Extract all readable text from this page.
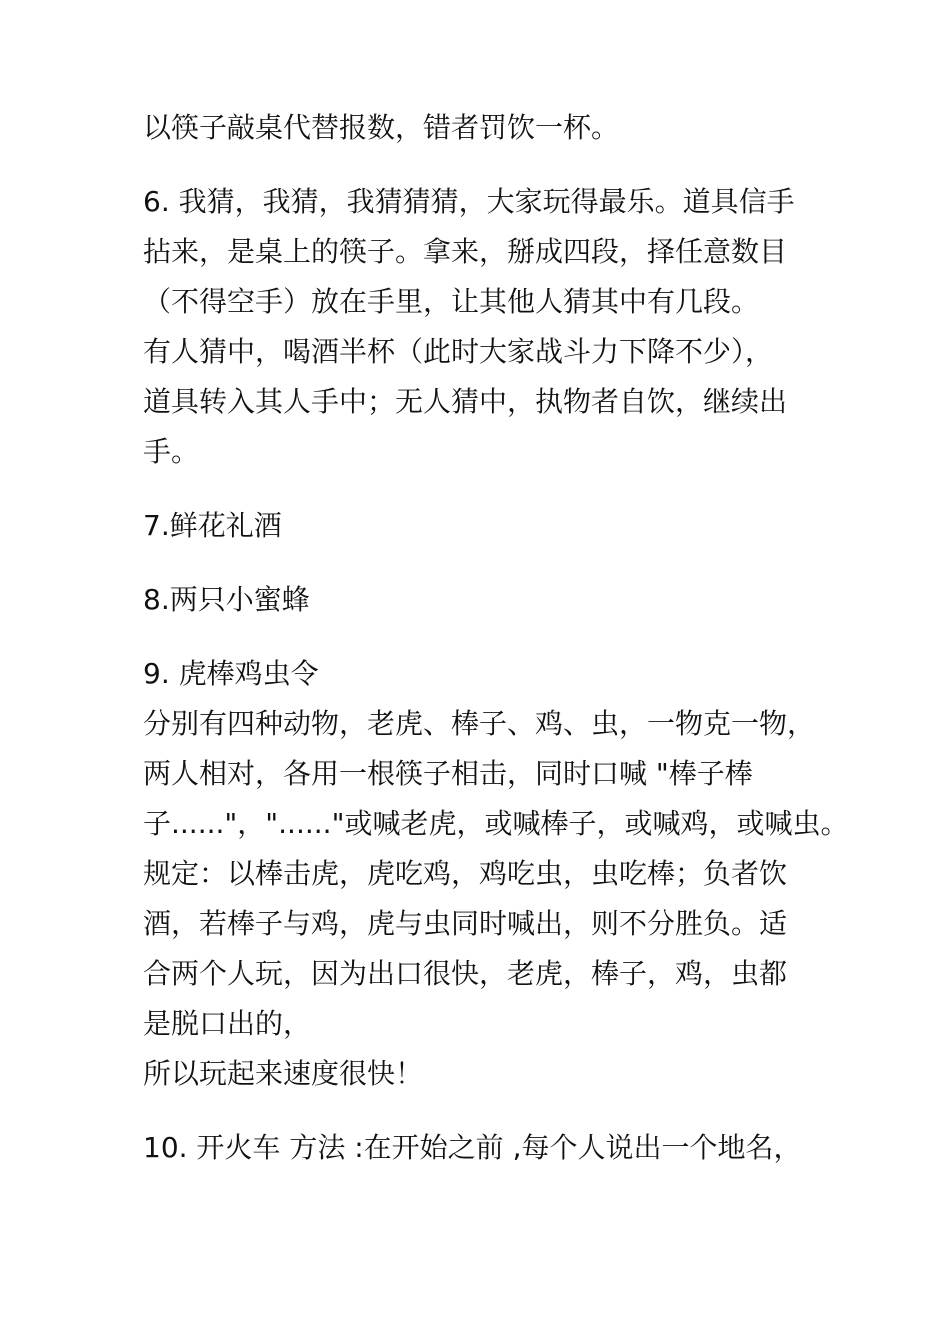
以筷子敲桌代替报数，错者罚饮一杯。

6. 我猜，我猜，我猜猜猜，大家玩得最乐。道具信手
拈来，是桌上的筷子。拿来，掰成四段，择任意数目
（不得空手）放在手里，让其他人猜其中有几段。
有人猜中，喝酒半杯（此时大家战斗力下降不少），
道具转入其人手中；无人猜中，执物者自饮，继续出
手。

7.鲜花礼酒

8.两只小蜜蜂

9. 虎棒鸡虫令
分别有四种动物，老虎、棒子、鸡、虫，一物克一物，
两人相对，各用一根筷子相击，同时口喊 "棒子棒
子......"，"......"或喊老虎，或喊棒子，或喊鸡，或喊虫。
规定：以棒击虎，虎吃鸡，鸡吃虫，虫吃棒；负者饮
酒，若棒子与鸡，虎与虫同时喊出，则不分胜负。适
合两个人玩，因为出口很快，老虎，棒子，鸡，虫都
是脱口出的，
所以玩起来速度很快！

10. 开火车 方法 :在开始之前 ,每个人说出一个地名，
